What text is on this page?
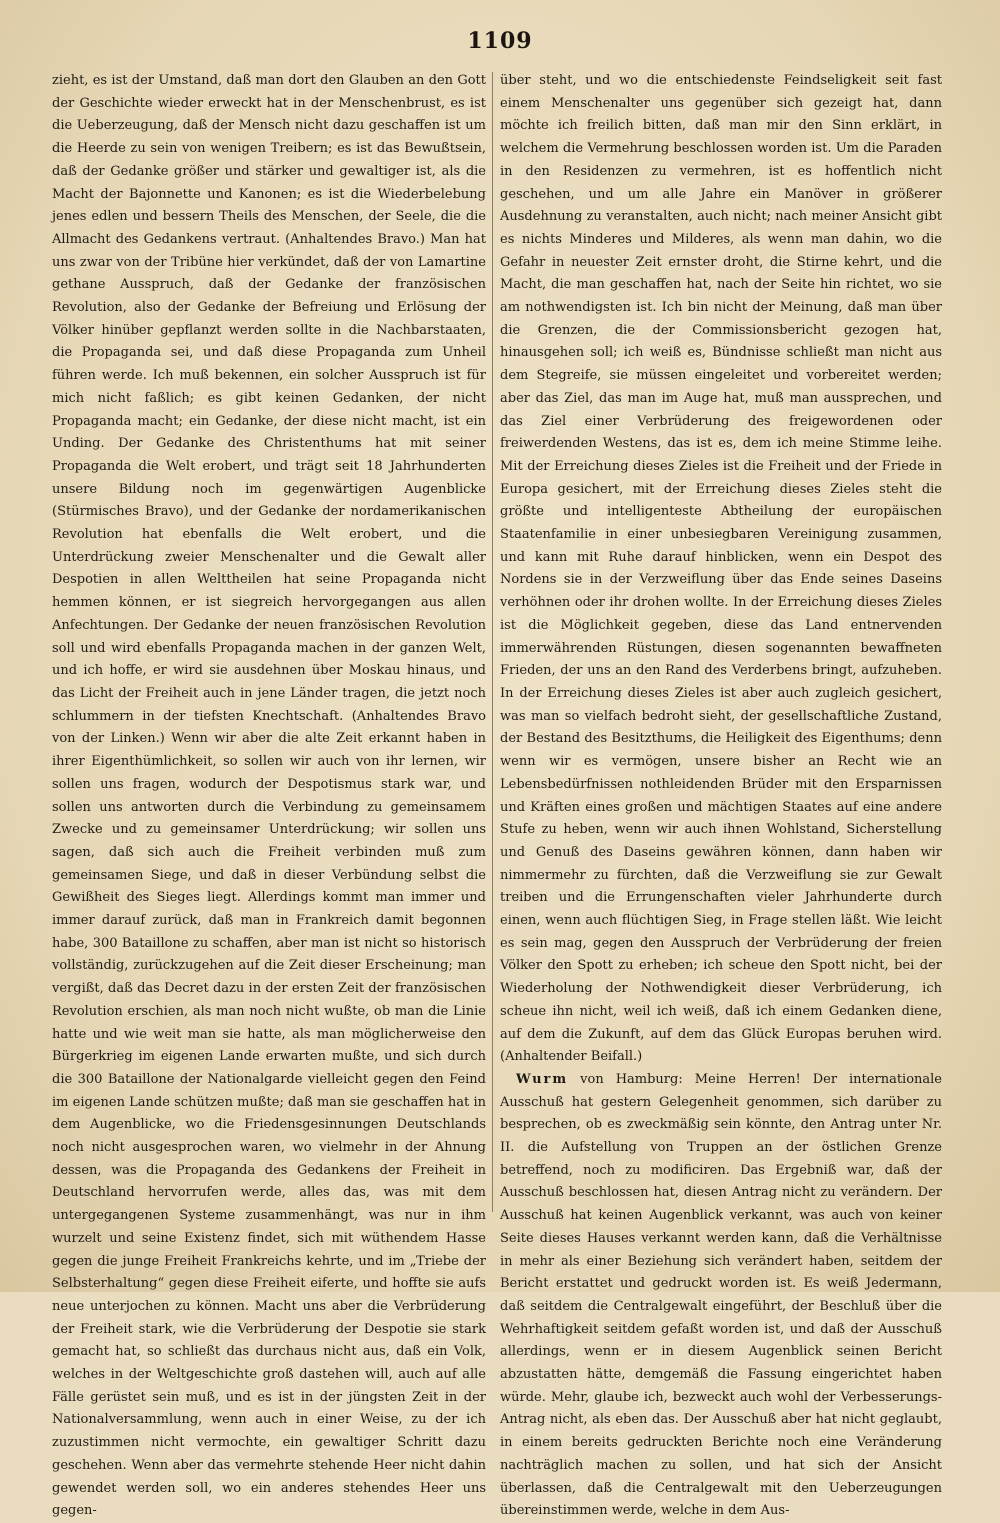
1109

zieht, es ist der Umstand, daß man dort den Glauben an den Gott der Geschichte wieder erweckt hat in der Menschenbrust, es ist die Ueberzeugung, daß der Mensch nicht dazu geschaffen ist um die Heerde zu sein von wenigen Treibern; es ist das Bewußtsein, daß der Gedanke größer und stärker und gewaltiger ist, als die Macht der Bajonnette und Kanonen; es ist die Wiederbelebung jenes edlen und bessern Theils des Menschen, der Seele, die die Allmacht des Gedankens vertraut. (Anhaltendes Bravo.) Man hat uns zwar von der Tribüne hier verkündet, daß der von Lamartine gethane Ausspruch, daß der Gedanke der französischen Revolution, also der Gedanke der Befreiung und Erlösung der Völker hinüber gepflanzt werden sollte in die Nachbarstaaten, die Propaganda sei, und daß diese Propaganda zum Unheil führen werde. Ich muß bekennen, ein solcher Ausspruch ist für mich nicht faßlich; es gibt keinen Gedanken, der nicht Propaganda macht; ein Gedanke, der diese nicht macht, ist ein Unding. Der Gedanke des Christenthums hat mit seiner Propaganda die Welt erobert, und trägt seit 18 Jahrhunderten unsere Bildung noch im gegenwärtigen Augenblicke (Stürmisches Bravo), und der Gedanke der nordamerikanischen Revolution hat ebenfalls die Welt erobert, und die Unterdrückung zweier Menschenalter und die Gewalt aller Despotien in allen Welttheilen hat seine Propaganda nicht hemmen können, er ist siegreich hervorgegangen aus allen Anfechtungen. Der Gedanke der neuen französischen Revolution soll und wird ebenfalls Propaganda machen in der ganzen Welt, und ich hoffe, er wird sie ausdehnen über Moskau hinaus, und das Licht der Freiheit auch in jene Länder tragen, die jetzt noch schlummern in der tiefsten Knechtschaft. (Anhaltendes Bravo von der Linken.) Wenn wir aber die alte Zeit erkannt haben in ihrer Eigenthümlichkeit, so sollen wir auch von ihr lernen, wir sollen uns fragen, wodurch der Despotismus stark war, und sollen uns antworten durch die Verbindung zu gemeinsamem Zwecke und zu gemeinsamer Unterdrückung; wir sollen uns sagen, daß sich auch die Freiheit verbinden muß zum gemeinsamen Siege, und daß in dieser Verbündung selbst die Gewißheit des Sieges liegt. Allerdings kommt man immer und immer darauf zurück, daß man in Frankreich damit begonnen habe, 300 Bataillone zu schaffen, aber man ist nicht so historisch vollständig, zurückzugehen auf die Zeit dieser Erscheinung; man vergißt, daß das Decret dazu in der ersten Zeit der französischen Revolution erschien, als man noch nicht wußte, ob man die Linie hatte und wie weit man sie hatte, als man möglicherweise den Bürgerkrieg im eigenen Lande erwarten mußte, und sich durch die 300 Bataillone der Nationalgarde vielleicht gegen den Feind im eigenen Lande schützen mußte; daß man sie geschaffen hat in dem Augenblicke, wo die Friedensgesinnungen Deutschlands noch nicht ausgesprochen waren, wo vielmehr in der Ahnung dessen, was die Propaganda des Gedankens der Freiheit in Deutschland hervorrufen werde, alles das, was mit dem untergegangenen Systeme zusammenhängt, was nur in ihm wurzelt und seine Existenz findet, sich mit wüthendem Hasse gegen die junge Freiheit Frankreichs kehrte, und im „Triebe der Selbsterhaltung“ gegen diese Freiheit eiferte, und hoffte sie aufs neue unterjochen zu können. Macht uns aber die Verbrüderung der Freiheit stark, wie die Verbrüderung der Despotie sie stark gemacht hat, so schließt das durchaus nicht aus, daß ein Volk, welches in der Weltgeschichte groß dastehen will, auch auf alle Fälle gerüstet sein muß, und es ist in der jüngsten Zeit in der Nationalversammlung, wenn auch in einer Weise, zu der ich zuzustimmen nicht vermochte, ein gewaltiger Schritt dazu geschehen. Wenn aber das vermehrte stehende Heer nicht dahin gewendet werden soll, wo ein anderes stehendes Heer uns gegen-

über steht, und wo die entschiedenste Feindseligkeit seit fast einem Menschenalter uns gegenüber sich gezeigt hat, dann möchte ich freilich bitten, daß man mir den Sinn erklärt, in welchem die Vermehrung beschlossen worden ist. Um die Paraden in den Residenzen zu vermehren, ist es hoffentlich nicht geschehen, und um alle Jahre ein Manöver in größerer Ausdehnung zu veranstalten, auch nicht; nach meiner Ansicht gibt es nichts Minderes und Milderes, als wenn man dahin, wo die Gefahr in neuester Zeit ernster droht, die Stirne kehrt, und die Macht, die man geschaffen hat, nach der Seite hin richtet, wo sie am nothwendigsten ist. Ich bin nicht der Meinung, daß man über die Grenzen, die der Commissionsbericht gezogen hat, hinausgehen soll; ich weiß es, Bündnisse schließt man nicht aus dem Stegreife, sie müssen eingeleitet und vorbereitet werden; aber das Ziel, das man im Auge hat, muß man aussprechen, und das Ziel einer Verbrüderung des freigewordenen oder freiwerdenden Westens, das ist es, dem ich meine Stimme leihe. Mit der Erreichung dieses Zieles ist die Freiheit und der Friede in Europa gesichert, mit der Erreichung dieses Zieles steht die größte und intelligenteste Abtheilung der europäischen Staatenfamilie in einer unbesiegbaren Vereinigung zusammen, und kann mit Ruhe darauf hinblicken, wenn ein Despot des Nordens sie in der Verzweiflung über das Ende seines Daseins verhöhnen oder ihr drohen wollte. In der Erreichung dieses Zieles ist die Möglichkeit gegeben, diese das Land entnervenden immerwährenden Rüstungen, diesen sogenannten bewaffneten Frieden, der uns an den Rand des Verderbens bringt, aufzuheben. In der Erreichung dieses Zieles ist aber auch zugleich gesichert, was man so vielfach bedroht sieht, der gesellschaftliche Zustand, der Bestand des Besitzthums, die Heiligkeit des Eigenthums; denn wenn wir es vermögen, unsere bisher an Recht wie an Lebensbedürfnissen nothleidenden Brüder mit den Ersparnissen und Kräften eines großen und mächtigen Staates auf eine andere Stufe zu heben, wenn wir auch ihnen Wohlstand, Sicherstellung und Genuß des Daseins gewähren können, dann haben wir nimmermehr zu fürchten, daß die Verzweiflung sie zur Gewalt treiben und die Errungenschaften vieler Jahrhunderte durch einen, wenn auch flüchtigen Sieg, in Frage stellen läßt. Wie leicht es sein mag, gegen den Ausspruch der Verbrüderung der freien Völker den Spott zu erheben; ich scheue den Spott nicht, bei der Wiederholung der Nothwendigkeit dieser Verbrüderung, ich scheue ihn nicht, weil ich weiß, daß ich einem Gedanken diene, auf dem die Zukunft, auf dem das Glück Europas beruhen wird. (Anhaltender Beifall.)

Wurm von Hamburg: Meine Herren! Der internationale Ausschuß hat gestern Gelegenheit genommen, sich darüber zu besprechen, ob es zweckmäßig sein könnte, den Antrag unter Nr. II. die Aufstellung von Truppen an der östlichen Grenze betreffend, noch zu modificiren. Das Ergebniß war, daß der Ausschuß beschlossen hat, diesen Antrag nicht zu verändern. Der Ausschuß hat keinen Augenblick verkannt, was auch von keiner Seite dieses Hauses verkannt werden kann, daß die Verhältnisse in mehr als einer Beziehung sich verändert haben, seitdem der Bericht erstattet und gedruckt worden ist. Es weiß Jedermann, daß seitdem die Centralgewalt eingeführt, der Beschluß über die Wehrhaftigkeit seitdem gefaßt worden ist, und daß der Ausschuß allerdings, wenn er in diesem Augenblick seinen Bericht abzustatten hätte, demgemäß die Fassung eingerichtet haben würde. Mehr, glaube ich, bezweckt auch wohl der Verbesserungs-Antrag nicht, als eben das. Der Ausschuß aber hat nicht geglaubt, in einem bereits gedruckten Berichte noch eine Veränderung nachträglich machen zu sollen, und hat sich der Ansicht überlassen, daß die Centralgewalt mit den Ueberzeugungen übereinstimmen werde, welche in dem Aus-
